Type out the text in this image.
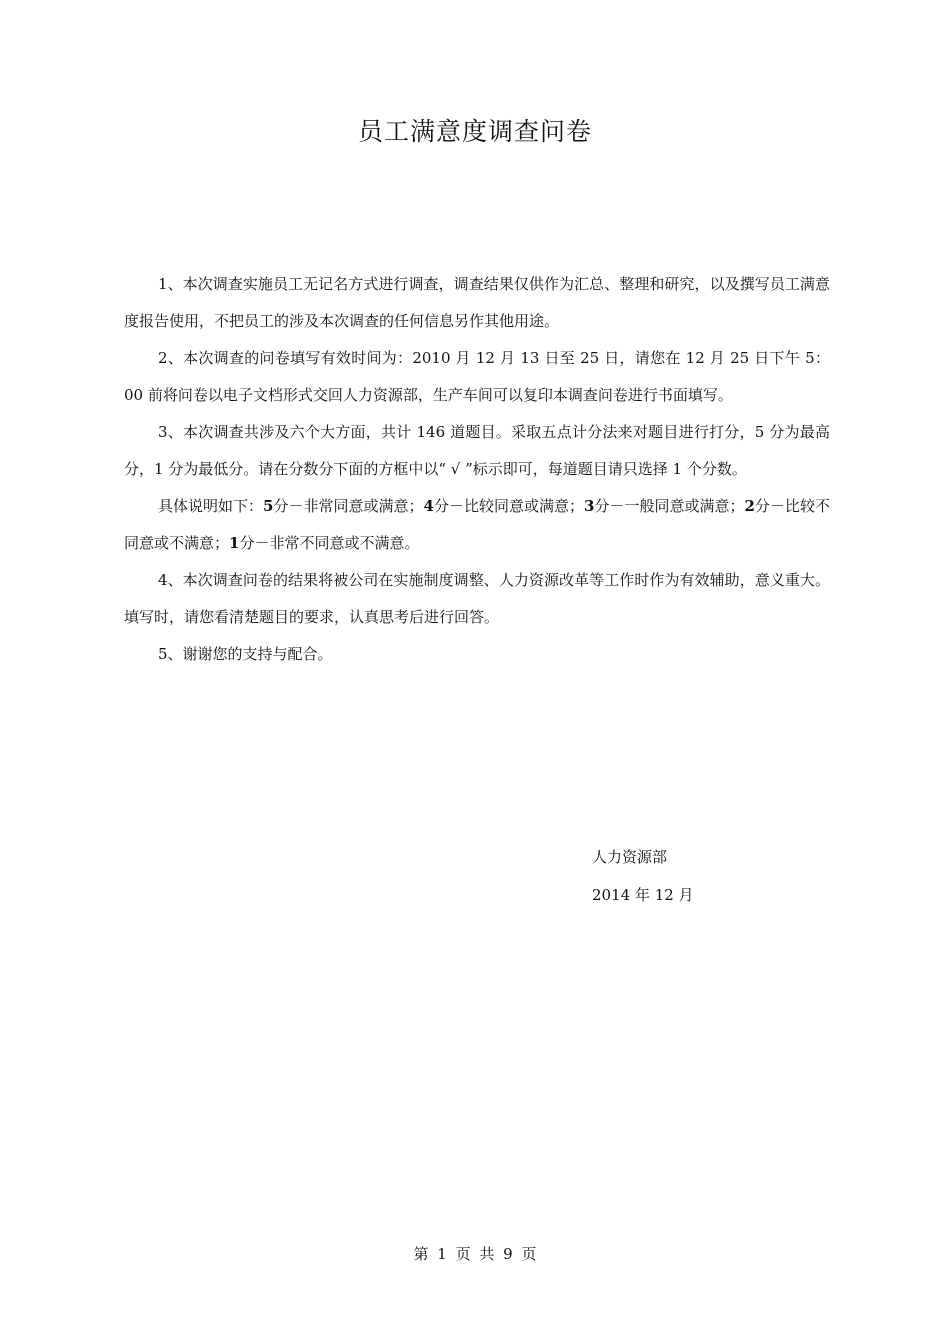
员工满意度调查问卷

1、本次调查实施员工无记名方式进行调查，调查结果仅供作为汇总、整理和研究，以及撰写员工满意度报告使用，不把员工的涉及本次调查的任何信息另作其他用途。

2、本次调查的问卷填写有效时间为：2010 月 12 月 13 日至 25 日，请您在 12 月 25 日下午 5：00 前将问卷以电子文档形式交回人力资源部，生产车间可以复印本调查问卷进行书面填写。

3、本次调查共涉及六个大方面，共计 146 道题目。采取五点计分法来对题目进行打分，5 分为最高分，1 分为最低分。请在分数分下面的方框中以“ √ ”标示即可，每道题目请只选择 1 个分数。

具体说明如下：5分－非常同意或满意；4分－比较同意或满意；3分－一般同意或满意；2分－比较不同意或不满意；1分－非常不同意或不满意。

4、本次调查问卷的结果将被公司在实施制度调整、人力资源改革等工作时作为有效辅助，意义重大。填写时，请您看清楚题目的要求，认真思考后进行回答。

5、谢谢您的支持与配合。

人力资源部
2014 年 12 月
第 1 页 共 9 页
